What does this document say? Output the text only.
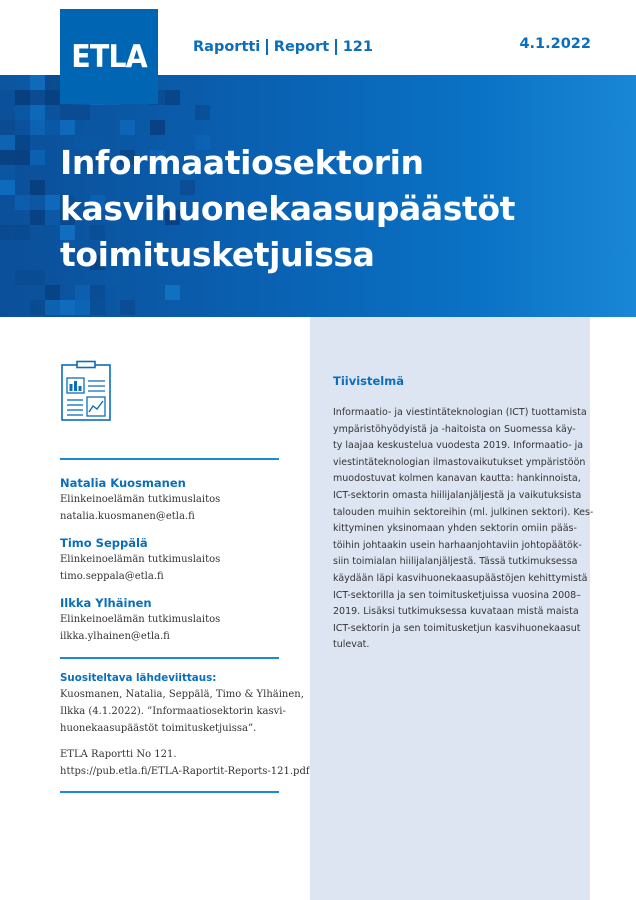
ETLA	Raportti Report 121	4.1.2022
Informaatiosektorin
kasvihuonekaasupäästöt
toimitusketjuissa
Natalia Kuosmanen
Elinkeinoelämän tutkimuslaitos
natalia.kuosmanen@etla.fi
Timo Seppälä
Elinkeinoelämän tutkimuslaitos
timo.seppala@etla.fi
Ilkka Ylhäinen
Elinkeinoelämän tutkimuslaitos
ilkka.ylhainen@etla.fi
Suositeltava lähdeviittaus:
Kuosmanen, Natalia, Seppälä, Timo & Ylhäinen,
Ilkka (4.1.2022). ”Informaatiosektorin kasvi-
huonekaasupäästöt toimitusketjuissa”.
ETLA Raportti No 121.
https://pub.etla.fi/ETLA-Raportit-Reports-121.pdf
Tiivistelmä
Informaatio- ja viestintäteknologian (ICT) tuottamista
ympäristöhyödyistä ja -haitoista on Suomessa käy-
ty laajaa keskustelua vuodesta 2019. Informaatio- ja
viestintäteknologian ilmastovaikutukset ympäristöön
muodostuvat kolmen kanavan kautta: hankinnoista,
ICT-sektorin omasta hiilijalanjäljestä ja vaikutuksista
talouden muihin sektoreihin (ml. julkinen sektori). Kes-
kittyminen yksinomaan yhden sektorin omiin pääs-
töihin johtaakin usein harhaanjohtaviin johtopäätök-
siin toimialan hiilijalanjäljestä. Tässä tutkimuksessa
käydään läpi kasvihuonekaasupäästöjen kehittymistä
ICT-sektorilla ja sen toimitusketjuissa vuosina 2008–
2019. Lisäksi tutkimuksessa kuvataan mistä maista
ICT-sektorin ja sen toimitusketjun kasvihuonekaasut
tulevat.
